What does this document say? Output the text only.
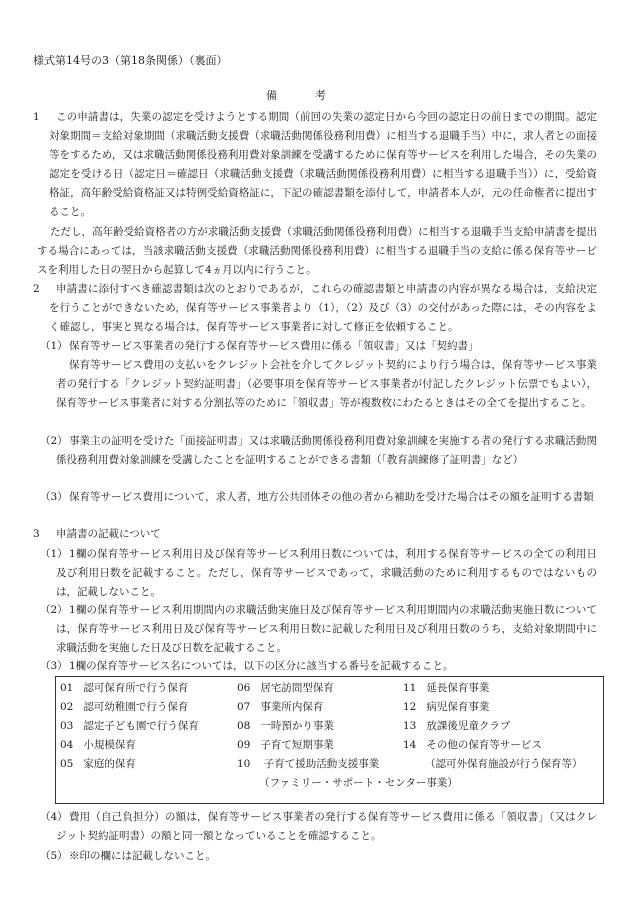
様式第14号の3（第18条関係）（裏面）
備考
1	この申請書は，失業の認定を受けようとする期間（前回の失業の認定日から今回の認定日の前日までの期間。認定対象期間＝支給対象期間（求職活動支援費（求職活動関係役務利用費）に相当する退職手当）中に，求人者との面接等をするため，又は求職活動関係役務利用費対象訓練を受講するために保育等サービスを利用した場合，その失業の認定を受ける日（認定日＝確認日（求職活動支援費（求職活動関係役務利用費）に相当する退職手当））に，受給資格証，高年齢受給資格証又は特例受給資格証に，下記の確認書類を添付して，申請者本人が，元の任命権者に提出すること。
ただし，高年齢受給資格者の方が求職活動支援費（求職活動関係役務利用費）に相当する退職手当支給申請書を提出する場合にあっては，当該求職活動支援費（求職活動関係役務利用費）に相当する退職手当の支給に係る保育等サービスを利用した日の翌日から起算して4ヵ月以内に行うこと。
2	申請書に添付すべき確認書類は次のとおりであるが，これらの確認書類と申請書の内容が異なる場合は，支給決定を行うことができないため，保育等サービス事業者より（1），（2）及び（3）の交付があった際には，その内容をよく確認し，事実と異なる場合は，保育等サービス事業者に対して修正を依頼すること。
（1） 保育等サービス事業者の発行する保育等サービス費用に係る「領収書」又は「契約書」
保育等サービス費用の支払いをクレジット会社を介してクレジット契約により行う場合は，保育等サービス事業者の発行する「クレジット契約証明書」（必要事項を保育等サービス事業者が付記したクレジット伝票でもよい），保育等サービス事業者に対する分割払等のために「領収書」等が複数枚にわたるときはその全てを提出すること。
（2） 事業主の証明を受けた「面接証明書」又は求職活動関係役務利用費対象訓練を実施する者の発行する求職活動関係役務利用費対象訓練を受講したことを証明することができる書類（「教育訓練修了証明書」など）
（3） 保育等サービス費用について，求人者，地方公共団体その他の者から補助を受けた場合はその額を証明する書類
3 申請書の記載について
（1） 1欄の保育等サービス利用日及び保育等サービス利用日数については，利用する保育等サービスの全ての利用日及び利用日数を記載すること。ただし，保育等サービスであって，求職活動のために利用するものではないものは，記載しないこと。
（2） 1欄の保育等サービス利用期間内の求職活動実施日及び保育等サービス利用期間内の求職活動実施日数については，保育等サービス利用日及び保育等サービス利用日数に記載した利用日及び利用日数のうち，支給対象期間中に求職活動を実施した日及び日数を記載すること。
（3） 1欄の保育等サービス名については，以下の区分に該当する番号を記載すること。
01 認可保育所で行う保育
02 認可幼稚園で行う保育
03 認定子ども園で行う保育
04 小規模保育
05 家庭的保育
06 居宅訪問型保育
07 事業所内保育
08 一時預かり事業
09 子育て短期事業
10 子育て援助活動支援事業
（ファミリー・サポート・センター事業）
11 延長保育事業
12 病児保育事業
13 放課後児童クラブ
14 その他の保育等サービス
（認可外保育施設が行う保育等）
（4） 費用（自己負担分）の額は，保育等サービス事業者の発行する保育等サービス費用に係る「領収書」（又はクレジット契約証明書）の額と同一額となっていることを確認すること。
（5） ※印の欄には記載しないこと。
